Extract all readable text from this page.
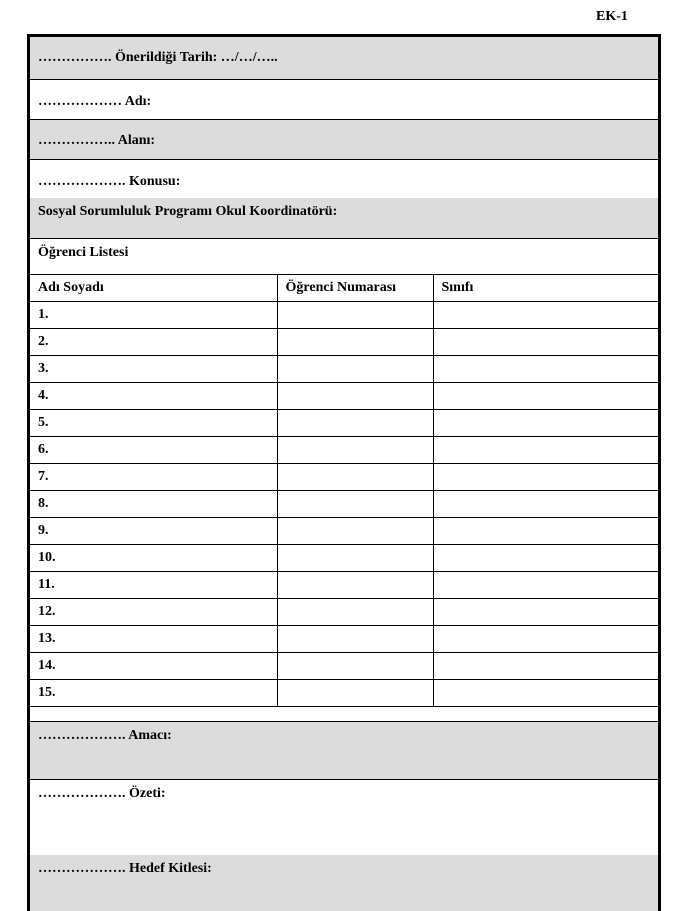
EK-1
……………. Önerildiği Tarih: …/…/…..
……………… Adı:
…………….. Alanı:
………………. Konusu:
Sosyal Sorumluluk Programı Okul Koordinatörü:
Öğrenci Listesi
Adı Soyadı	Öğrenci Numarası	Sınıfı
1.		
2.		
3.		
4.		
5.		
6.		
7.		
8.		
9.		
10.		
11.		
12.		
13.		
14.		
15.		
………………. Amacı:
………………. Özeti:
………………. Hedef Kitlesi:
